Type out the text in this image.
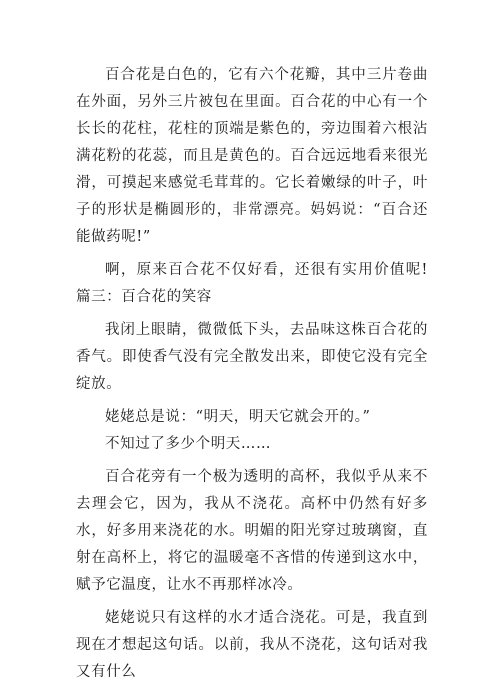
百合花是白色的，它有六个花瓣，其中三片卷曲在外面，另外三片被包在里面。百合花的中心有一个长长的花柱，花柱的顶端是紫色的，旁边围着六根沾满花粉的花蕊，而且是黄色的。百合远远地看来很光滑，可摸起来感觉毛茸茸的。它长着嫩绿的叶子，叶子的形状是椭圆形的，非常漂亮。妈妈说：“百合还能做药呢!”

啊，原来百合花不仅好看，还很有实用价值呢!篇三：百合花的笑容

我闭上眼睛，微微低下头，去品味这株百合花的香气。即使香气没有完全散发出来，即使它没有完全绽放。

姥姥总是说：“明天，明天它就会开的。”

不知过了多少个明天……

百合花旁有一个极为透明的高杯，我似乎从来不去理会它，因为，我从不浇花。高杯中仍然有好多水，好多用来浇花的水。明媚的阳光穿过玻璃窗，直射在高杯上，将它的温暖毫不吝惜的传递到这水中，赋予它温度，让水不再那样冰冷。

姥姥说只有这样的水才适合浇花。可是，我直到现在才想起这句话。以前，我从不浇花，这句话对我又有什么
